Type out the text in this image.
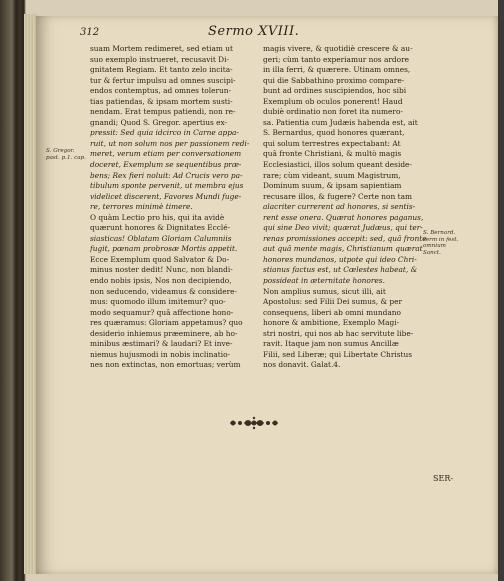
312	Sermo XVIII.
S. Gregor.
past. p.1. cap.
S. Bernard.
serm in fest.
omnium
Sanct.
suam Mortem redimeret, sed etiam ut
suo exemplo instrueret, recusavit Di-
gnitatem Regiam. Et tanto zelo incita-
tur & fertur impulsu ad omnes suscipi-
endos contemptus, ad omnes tolerun-
tias patiendas, & ipsam mortem susti-
nendam. Erat tempus patiendi, non re-
gnandi; Quod S. Gregor. apertius ex-
pressit: Sed quia idcirco in Carne appa-
ruit, ut non solum nos per passionem redi-
meret, verum etiam per conversationem
doceret, Exemplum se sequentibus præ-
bens; Rex fieri noluit: Ad Crucis vero pa-
tibulum sponte pervenit, ut membra ejus
videlicet discerent, Favores Mundi fuge-
re, terrores minimè timere.
O quàm Lectio pro his, qui ita avidè
quærunt honores & Dignitates Ecclé-
siasticas! Oblatam Gloriam Calumniis
fugit, pœnam probrosæ Mortis appetit.
Ecce Exemplum quod Salvator & Do-
minus noster dedit! Nunc, non blandi-
endo nobis ipsis, Nos non decipiendo,
non seducendo, videamus & considere-
mus: quomodo illum imitemur? quo-
modo sequamur? quâ affectione hono-
res quæramus: Gloriam appetamus? quo
desiderio inhiemus præeminere, ab ho-
minibus æstimari? & laudari? Et inve-
niemus hujusmodi in nobis inclinatio-
nes non extinctas, non emortuas; verùm
magis vivere, & quotidiè crescere & au-
geri; cùm tanto experiamur nos ardore
in illa ferri, & quærere. Utinam omnes,
qui die Sabbathino proximo compare-
bunt ad ordines suscipiendos, hoc sibi
Exemplum ob oculos ponerent! Haud
dubiè ordinatio non foret ita numero-
sa. Patientia cum Judæis habenda est, ait
S. Bernardus, quod honores quærant,
qui solum terrestres expectabant: At
quâ fronte Christiani, & multò magis
Ecclesiastici, illos solum queant deside-
rare; cùm videant, suum Magistrum,
Dominum suum, & ipsam sapientiam
recusare illos, & fugere? Certe non tam
alacriter currerent ad honores, si sentis-
rent esse onera. Quærat honores paganus,
qui sine Deo vivit; quærat Judæus, qui ter-
renas promissiones accepit: sed, quâ fronte
aut quâ mente magis, Christianum quærat
honores mundanos, utpote qui ideo Chri-
stianus factus est, ut Cœlestes habeat, &
possideat in æternitate honores.
Non amplius sumus, sicut illi, ait
Apostolus: sed Filii Dei sumus, & per
consequens, liberi ab omni mundano
honore & ambitione, Exemplo Magi-
stri nostri, qui nos ab hac servitute libe-
ravit. Itaque jam non sumus Ancillæ
Filii, sed Liberæ; qui Libertate Christus
nos donavit. Galat.4.
SER-
